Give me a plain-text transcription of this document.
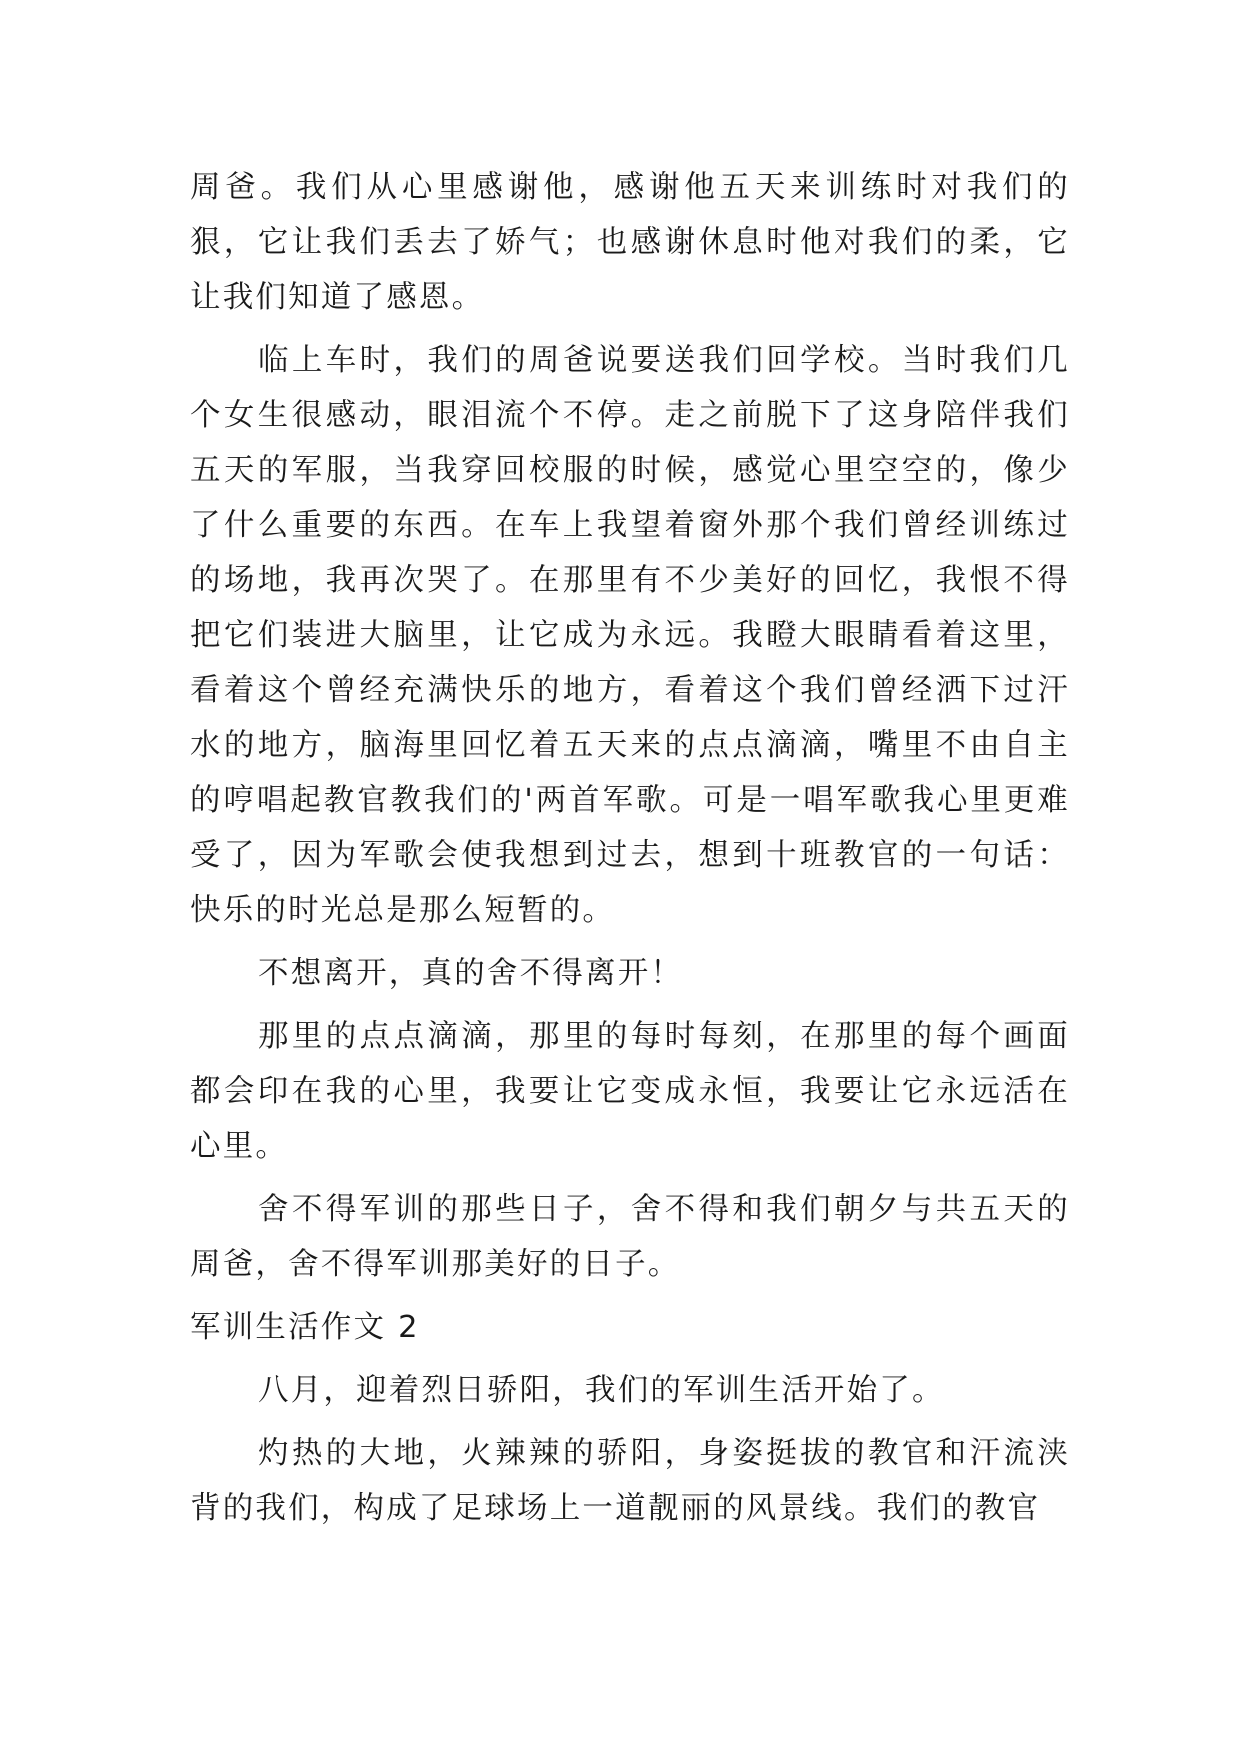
周爸。我们从心里感谢他，感谢他五天来训练时对我们的狠，它让我们丢去了娇气；也感谢休息时他对我们的柔，它让我们知道了感恩。

临上车时，我们的周爸说要送我们回学校。当时我们几个女生很感动，眼泪流个不停。走之前脱下了这身陪伴我们五天的军服，当我穿回校服的时候，感觉心里空空的，像少了什么重要的东西。在车上我望着窗外那个我们曾经训练过的场地，我再次哭了。在那里有不少美好的回忆，我恨不得把它们装进大脑里，让它成为永远。我瞪大眼睛看着这里，看着这个曾经充满快乐的地方，看着这个我们曾经洒下过汗水的地方，脑海里回忆着五天来的点点滴滴，嘴里不由自主的哼唱起教官教我们的'两首军歌。可是一唱军歌我心里更难受了，因为军歌会使我想到过去，想到十班教官的一句话：快乐的时光总是那么短暂的。

不想离开，真的舍不得离开！

那里的点点滴滴，那里的每时每刻，在那里的每个画面都会印在我的心里，我要让它变成永恒，我要让它永远活在心里。

舍不得军训的那些日子，舍不得和我们朝夕与共五天的周爸，舍不得军训那美好的日子。

军训生活作文 2

八月，迎着烈日骄阳，我们的军训生活开始了。

灼热的大地，火辣辣的骄阳，身姿挺拔的教官和汗流浃背的我们，构成了足球场上一道靓丽的风景线。我们的教官
